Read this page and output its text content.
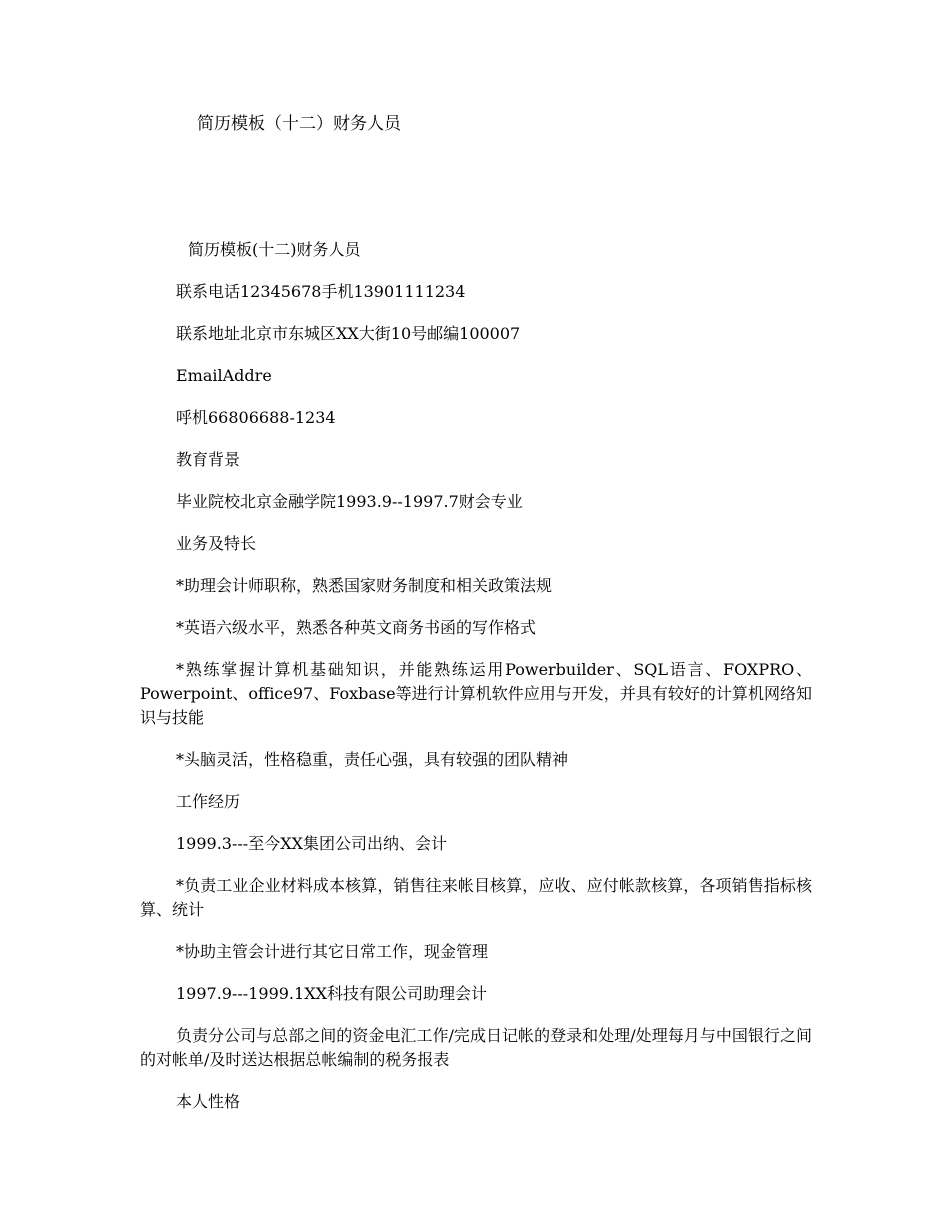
简历模板（十二）财务人员

简历模板(十二)财务人员

联系电话12345678手机13901111234

联系地址北京市东城区XX大街10号邮编100007

EmailAddre

呼机66806688-1234

教育背景

毕业院校北京金融学院1993.9--1997.7财会专业

业务及特长

*助理会计师职称，熟悉国家财务制度和相关政策法规

*英语六级水平，熟悉各种英文商务书函的写作格式

*熟练掌握计算机基础知识，并能熟练运用Powerbuilder、SQL语言、FOXPRO、Powerpoint、office97、Foxbase等进行计算机软件应用与开发，并具有较好的计算机网络知识与技能

*头脑灵活，性格稳重，责任心强，具有较强的团队精神

工作经历

1999.3---至今XX集团公司出纳、会计

*负责工业企业材料成本核算，销售往来帐目核算，应收、应付帐款核算，各项销售指标核算、统计

*协助主管会计进行其它日常工作，现金管理

1997.9---1999.1XX科技有限公司助理会计

负责分公司与总部之间的资金电汇工作/完成日记帐的登录和处理/处理每月与中国银行之间的对帐单/及时送达根据总帐编制的税务报表

本人性格
